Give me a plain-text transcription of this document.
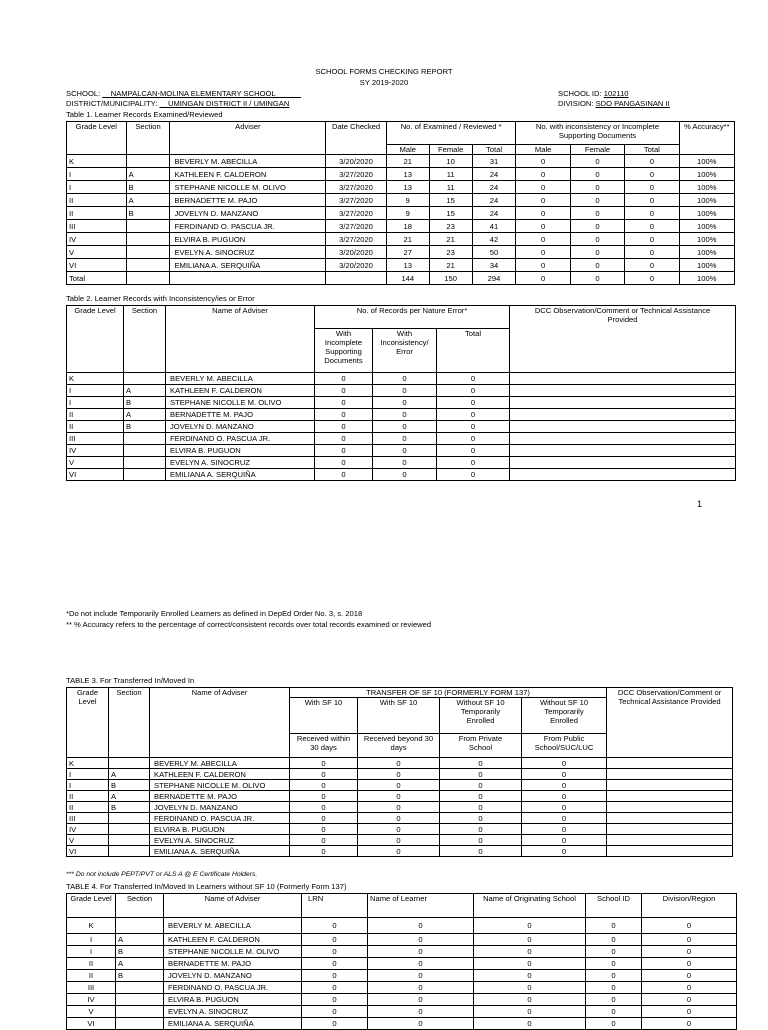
SCHOOL FORMS CHECKING REPORT
SY 2019-2020
SCHOOL: __NAMPALCAN-MOLINA ELEMENTARY SCHOOL______
DISTRICT/MUNICIPALITY: __UMINGAN DISTRICT II / UMINGAN
SCHOOL ID: 102110
DIVISION: SDO PANGASINAN II
Table 1. Learner Records Examined/Reviewed
Grade Level	Section	Adviser	Date Checked	No. of Examined / Reviewed *			No. with inconsistency or Incomplete Supporting Documents			% Accuracy**
				Male	Female	Total	Male	Female	Total	
K		BEVERLY M. ABECILLA	3/20/2020	21	10	31	0	0	0	100%
I	A	KATHLEEN F. CALDERON	3/27/2020	13	11	24	0	0	0	100%
I	B	STEPHANE NICOLLE M. OLIVO	3/27/2020	13	11	24	0	0	0	100%
II	A	BERNADETTE M. PAJO	3/27/2020	9	15	24	0	0	0	100%
II	B	JOVELYN D. MANZANO	3/27/2020	9	15	24	0	0	0	100%
III		FERDINAND O. PASCUA JR.	3/27/2020	18	23	41	0	0	0	100%
IV		ELVIRA B. PUGUON	3/27/2020	21	21	42	0	0	0	100%
V		EVELYN A. SINOCRUZ	3/20/2020	27	23	50	0	0	0	100%
VI		EMILIANA A. SERQUIÑA	3/20/2020	13	21	34	0	0	0	100%
Total				144	150	294	0	0	0	100%
Table 2. Learner Records with Inconsistency/ies or Error
Grade Level	Section	Name of Adviser	No. of Records per Nature Error*			DCC Observation/Comment or Technical Assistance Provided
			With Incomplete Supporting Documents	With Inconsistency/ Error	Total	
K		BEVERLY M. ABECILLA	0	0	0	
I	A	KATHLEEN F. CALDERON	0	0	0	
I	B	STEPHANE NICOLLE M. OLIVO	0	0	0	
II	A	BERNADETTE M. PAJO	0	0	0	
II	B	JOVELYN D. MANZANO	0	0	0	
III		FERDINAND O. PASCUA JR.	0	0	0	
IV		ELVIRA B. PUGUON	0	0	0	
V		EVELYN A. SINOCRUZ	0	0	0	
VI		EMILIANA A. SERQUIÑA	0	0	0	
1
*Do not include Temporarily Enrolled Learners as defined in DepEd Order No. 3, s. 2018
** % Accuracy refers to the percentage of correct/consistent records over total records examined or reviewed
TABLE 3. For Transferred In/Moved In
Grade Level	Section	Name of Adviser	TRANSFER OF SF 10 (FORMERLY FORM 137)				DCC Observation/Comment or Technical Assistance Provided
			With SF 10	With SF 10	Without SF 10 Temporarily Enrolled	Without SF 10 Temporarily Enrolled	
			Received within 30 days	Received beyond 30 days	From Private School	From Public School/SUC/LUC	
K		BEVERLY M. ABECILLA	0	0	0	0	
I	A	KATHLEEN F. CALDERON	0	0	0	0	
I	B	STEPHANE NICOLLE M. OLIVO	0	0	0	0	
II	A	BERNADETTE M. PAJO	0	0	0	0	
II	B	JOVELYN D. MANZANO	0	0	0	0	
III		FERDINAND O. PASCUA JR.	0	0	0	0	
IV		ELVIRA B. PUGUON	0	0	0	0	
V		EVELYN A. SINOCRUZ	0	0	0	0	
VI		EMILIANA A. SERQUIÑA	0	0	0	0	
*** Do not include PEPT/PVT or ALS A @ E Certificate Holders.
TABLE 4. For Transferred In/Moved In Learners without SF 10 (Formerly Form 137)
Grade Level	Section	Name of Adviser	LRN	Name of Learner	Name of Originating School	School ID	Division/Region
K		BEVERLY M. ABECILLA	0	0	0	0	0
I	A	KATHLEEN F. CALDERON	0	0	0	0	0
I	B	STEPHANE NICOLLE M. OLIVO	0	0	0	0	0
II	A	BERNADETTE M. PAJO	0	0	0	0	0
II	B	JOVELYN D. MANZANO	0	0	0	0	0
III		FERDINAND O. PASCUA JR.	0	0	0	0	0
IV		ELVIRA B. PUGUON	0	0	0	0	0
V		EVELYN A. SINOCRUZ	0	0	0	0	0
VI		EMILIANA A. SERQUIÑA	0	0	0	0	0
